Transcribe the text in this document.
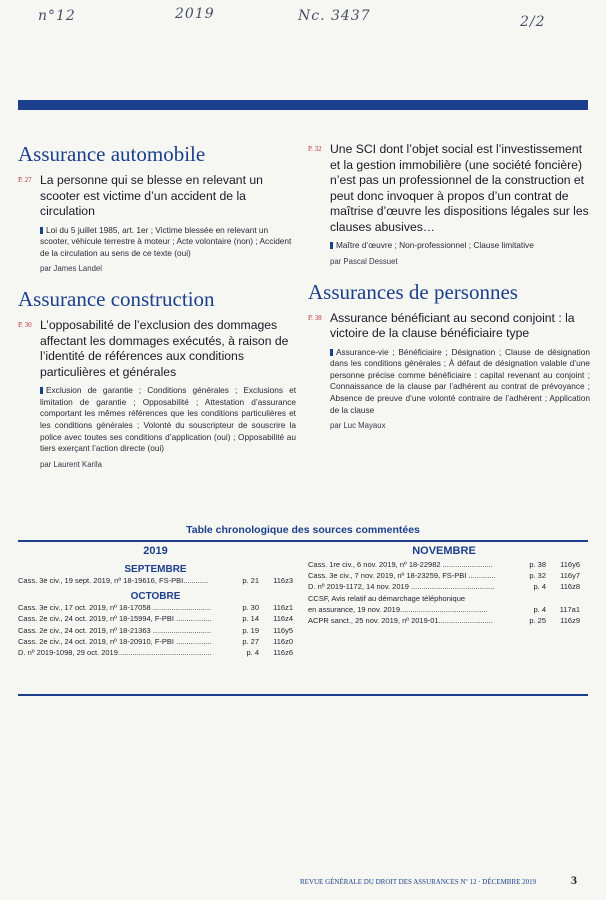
n°12	2019	Nc. 3437	2/2
Assurance automobile
P. 27 La personne qui se blesse en relevant un scooter est victime d’un accident de la circulation
Loi du 5 juillet 1985, art. 1er ; Victime blessée en relevant un scooter, véhicule terrestre à moteur ; Acte volontaire (non) ; Accident de la circulation au sens de ce texte (oui)
par James Landel
Assurance construction
P. 30 L’opposabilité de l’exclusion des dommages affectant les dommages exécutés, à raison de l’identité de références aux conditions particulières et générales
Exclusion de garantie ; Conditions générales ; Exclusions et limitation de garantie ; Opposabilité ; Attestation d’assurance comportant les mêmes références que les conditions particulières et les conditions générales ; Volonté du souscripteur de souscrire la police avec toutes ses conditions d’application (oui) ; Opposabilité au tiers exerçant l’action directe (oui)
par Laurent Karila
P. 32 Une SCI dont l’objet social est l’investissement et la gestion immobilière (une société foncière) n’est pas un professionnel de la construction et peut donc invoquer à propos d’un contrat de maîtrise d’œuvre les dispositions légales sur les clauses abusives…
Maître d’œuvre ; Non-professionnel ; Clause limitative
par Pascal Dessuet
Assurances de personnes
P. 38 Assurance bénéficiant au second conjoint : la victoire de la clause bénéficiaire type
Assurance-vie ; Bénéficiaire ; Désignation ; Clause de désignation dans les conditions générales ; À défaut de désignation valable d’une personne précise comme bénéficiaire : capital revenant au conjoint ; Connaissance de la clause par l’adhérent au contrat de prévoyance ; Absence de preuve d’une volonté contraire de l’adhérent ; Application de la clause
par Luc Mayaux
Table chronologique des sources commentées
2019
SEPTEMBRE
Cass. 3e civ., 19 sept. 2019, nº 18-19616, FS-PBI............	p. 21	116z3
OCTOBRE
Cass. 3e civ., 17 oct. 2019, nº 18-17058 ............................	p. 30	116z1
Cass. 2e civ., 24 oct. 2019, nº 18-15994, F-PBI .................	p. 14	116z4
Cass. 2e civ., 24 oct. 2019, nº 18-21363 ............................	p. 19	116y5
Cass. 2e civ., 24 oct. 2019, nº 18-20910, F-PBI .................	p. 27	116z0
D. nº 2019-1098, 29 oct. 2019.............................................	p. 4	116z6
NOVEMBRE
Cass. 1re civ., 6 nov. 2019, nº 18-22982 ........................	p. 38	116y6
Cass. 3e civ., 7 nov. 2019, nº 18-23259, FS-PBI .............	p. 32	116y7
D. nº 2019-1172, 14 nov. 2019 ........................................	p. 4	116z8
CCSF, Avis relatif au démarchage téléphonique
en assurance, 19 nov. 2019..........................................	p. 4	117a1
ACPR sanct., 25 nov. 2019, nº 2019-01..........................	p. 25	116z9
REVUE GÉNÉRALE DU DROIT DES ASSURANCES Nº 12 · DÉCEMBRE 2019	3
